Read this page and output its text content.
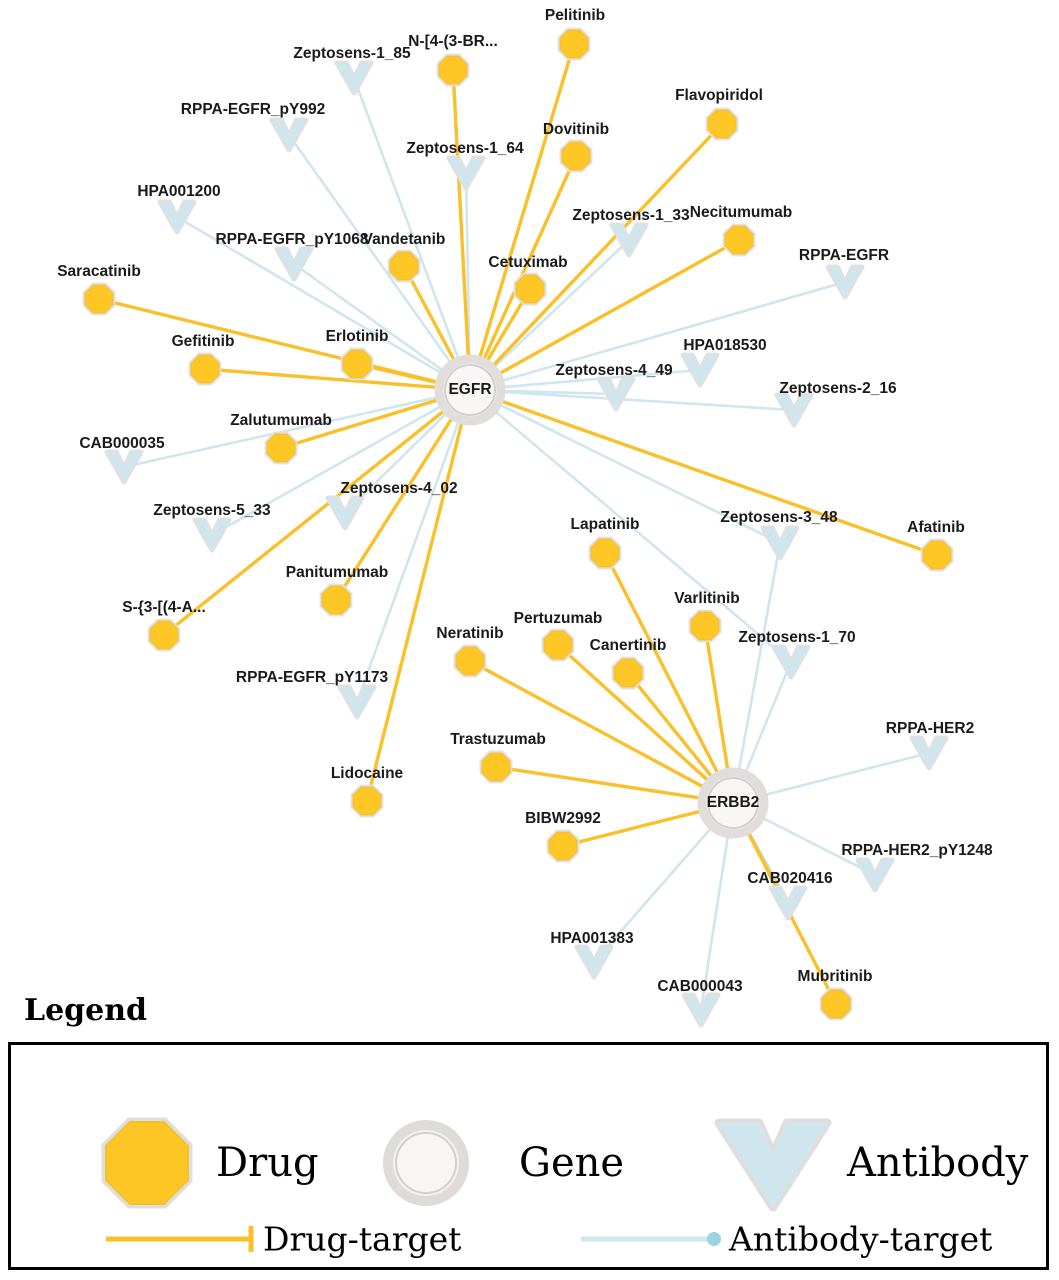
Zeptosens-1_85
RPPA-EGFR_pY992
Zeptosens-1_64
HPA001200
Zeptosens-1_33
RPPA-EGFR_pY1068
RPPA-EGFR
HPA018530
Zeptosens-4_49
Zeptosens-2_16
CAB000035
Zeptosens-4_02
Zeptosens-5_33	Zeptosens-3_48
Zeptosens-1_70
RPPA-EGFR_pY1173
RPPA-HER2
RPPA-HER2_pY1248
CAB020416
HPA001383
CAB000043
Pelitinib
N-[4-(3-BR...
Flavopiridol
Dovitinib
Necitumumab
Vandetanib
Cetuximab
Saracatinib
Erlotinib
Gefitinib
Zalutumumab
Afatinib
Lapatinib
Varlitinib
Panitumumab
S-{3-[(4-A...
Pertuzumab
Neratinib
Canertinib
Trastuzumab
Lidocaine
BIBW2992
Mubritinib
EGFR
ERBB2
Legend
Drug	Gene	Antibody
Drug-target	Antibody-target
